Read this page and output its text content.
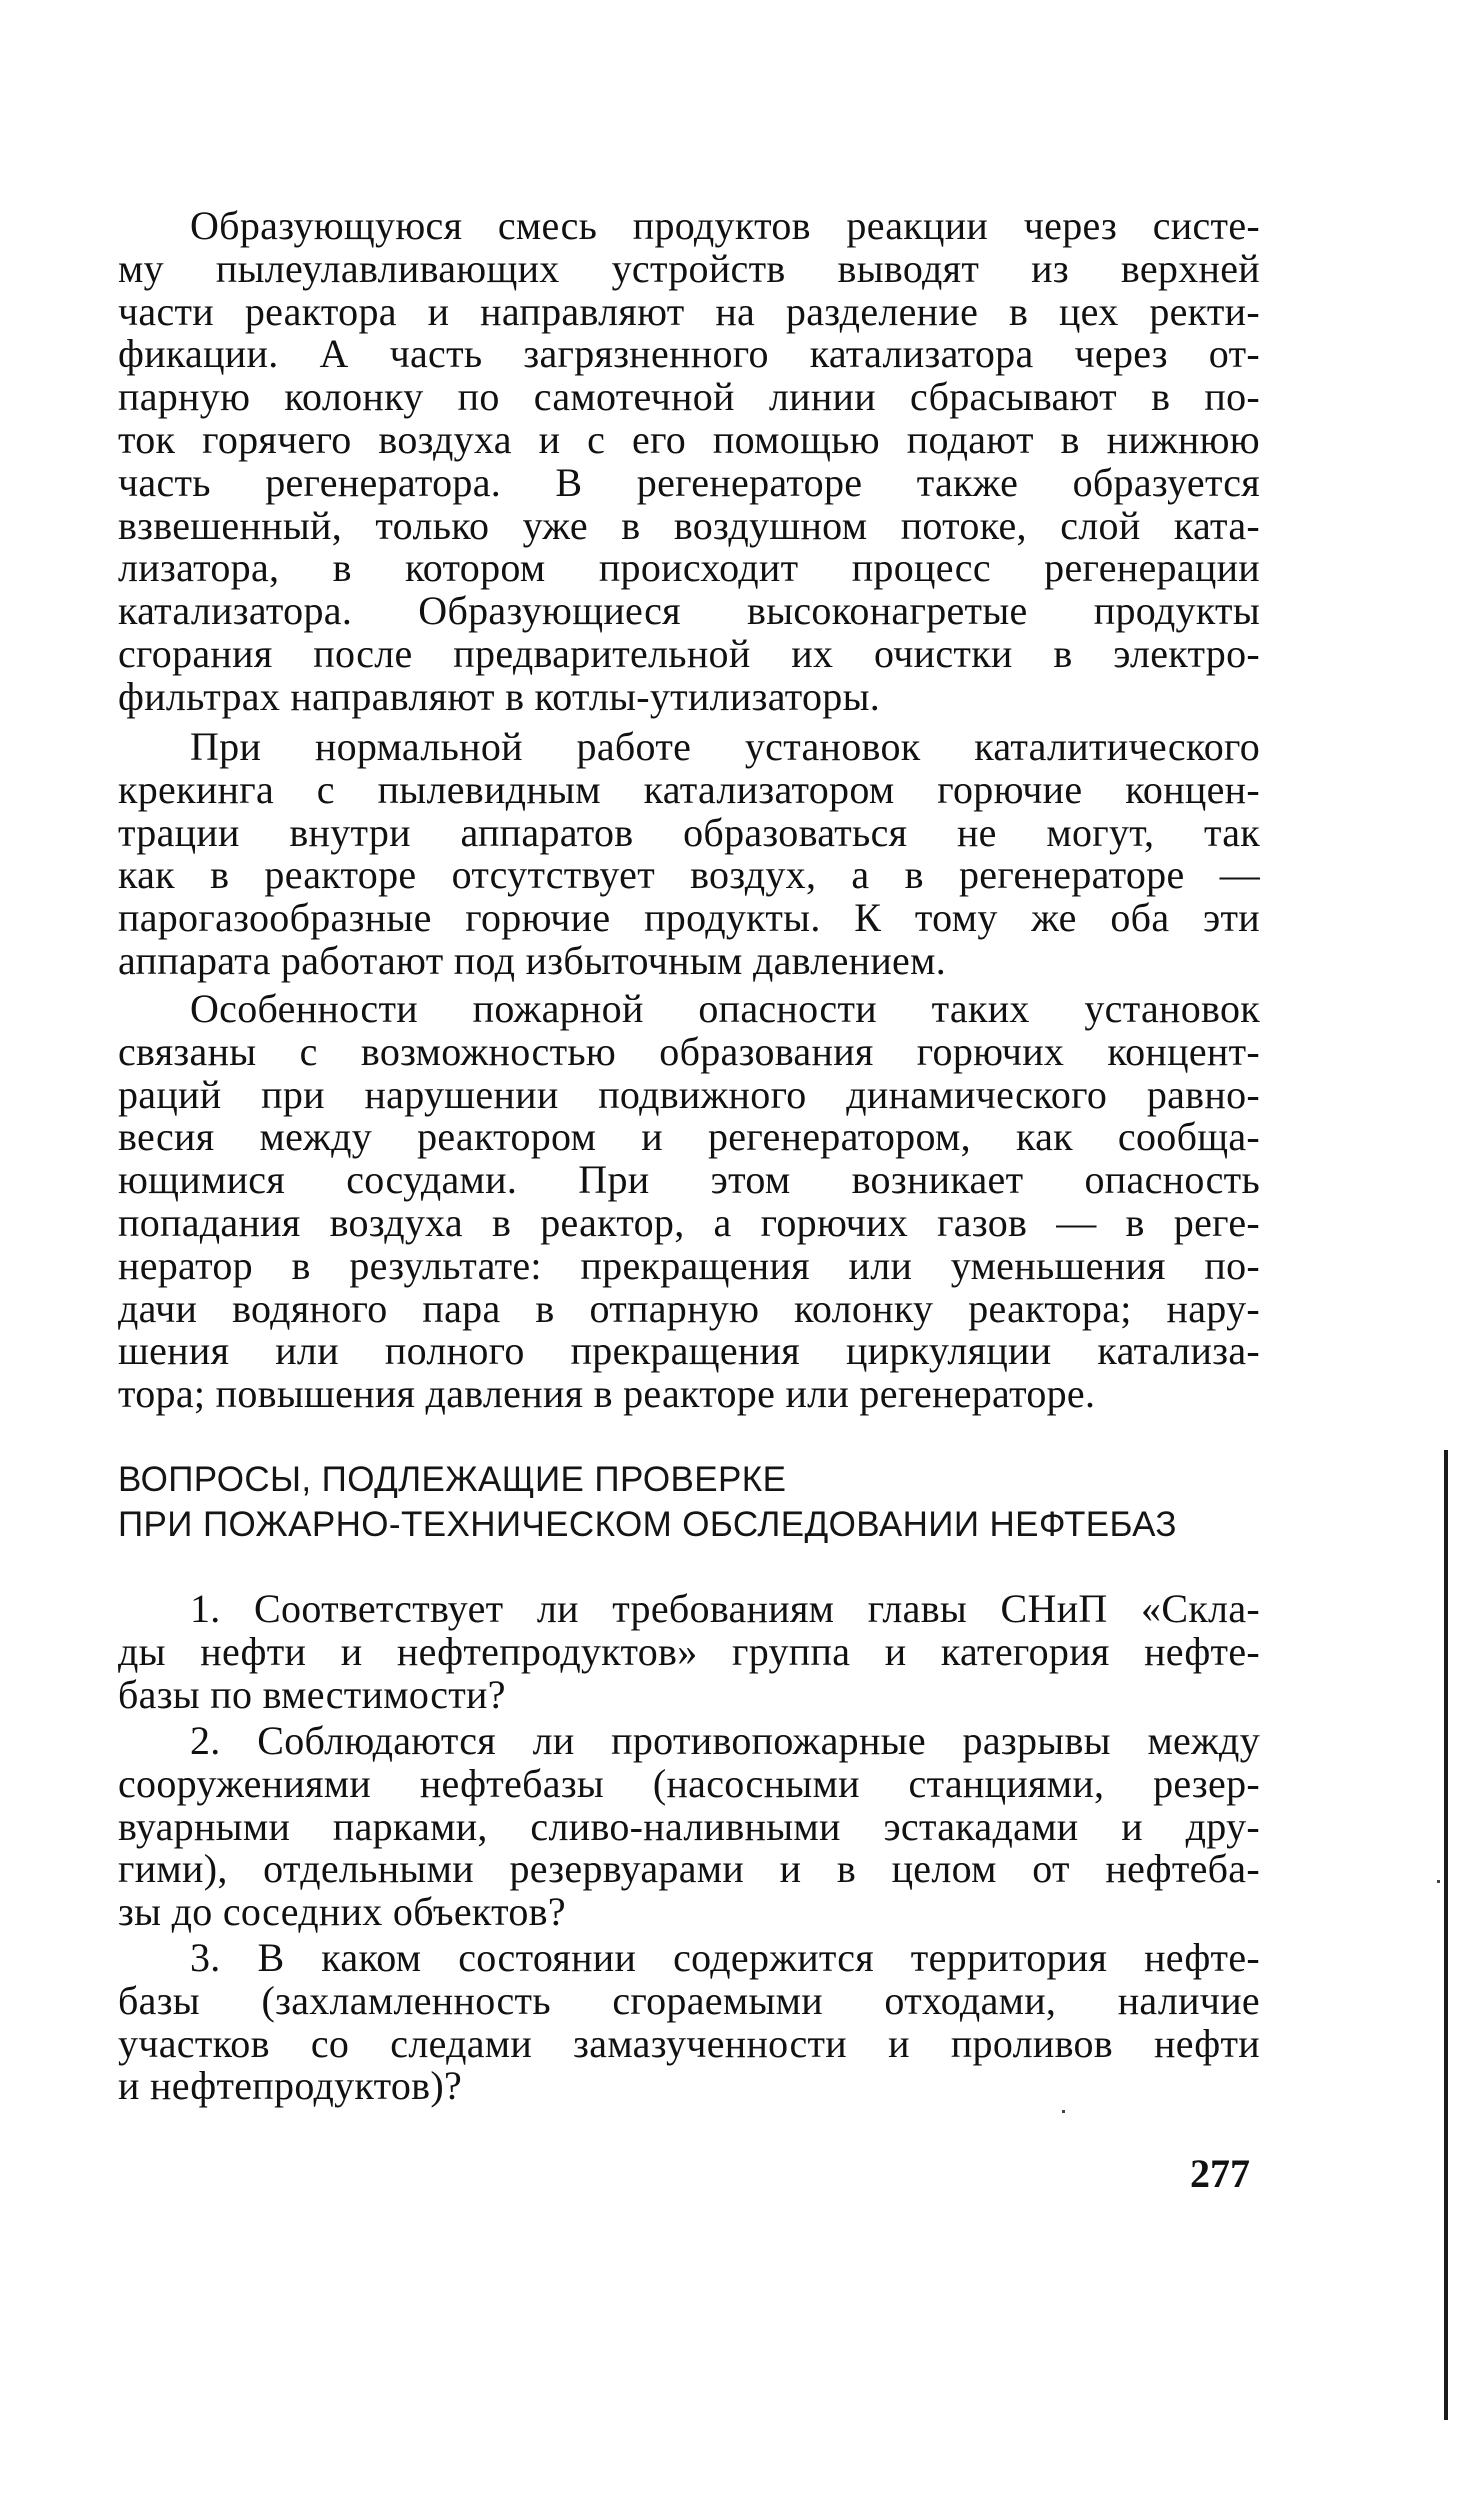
Образующуюся смесь продуктов реакции через систе-
му пылеулавливающих устройств выводят из верхней
части реактора и направляют на разделение в цех ректи-
фикации. А часть загрязненного катализатора через от-
парную колонку по самотечной линии сбрасывают в по-
ток горячего воздуха и с его помощью подают в нижнюю
часть регенератора. В регенераторе также образуется
взвешенный, только уже в воздушном потоке, слой ката-
лизатора, в котором происходит процесс регенерации
катализатора. Образующиеся высоконагретые продукты
сгорания после предварительной их очистки в электро-
фильтрах направляют в котлы-утилизаторы.
При нормальной работе установок каталитического
крекинга с пылевидным катализатором горючие концен-
трации внутри аппаратов образоваться не могут, так
как в реакторе отсутствует воздух, а в регенераторе —
парогазообразные горючие продукты. К тому же оба эти
аппарата работают под избыточным давлением.
Особенности пожарной опасности таких установок
связаны с возможностью образования горючих концент-
раций при нарушении подвижного динамического равно-
весия между реактором и регенератором, как сообща-
ющимися сосудами. При этом возникает опасность
попадания воздуха в реактор, а горючих газов — в реге-
нератор в результате: прекращения или уменьшения по-
дачи водяного пара в отпарную колонку реактора; нару-
шения или полного прекращения циркуляции катализа-
тора; повышения давления в реакторе или регенераторе.
ВОПРОСЫ, ПОДЛЕЖАЩИЕ ПРОВЕРКЕ
ПРИ ПОЖАРНО-ТЕХНИЧЕСКОМ ОБСЛЕДОВАНИИ НЕФТЕБАЗ
1. Соответствует ли требованиям главы СНиП «Скла-
ды нефти и нефтепродуктов» группа и категория нефте-
базы по вместимости?
2. Соблюдаются ли противопожарные разрывы между
сооружениями нефтебазы (насосными станциями, резер-
вуарными парками, сливо-наливными эстакадами и дру-
гими), отдельными резервуарами и в целом от нефтеба-
зы до соседних объектов?
3. В каком состоянии содержится территория нефте-
базы (захламленность сгораемыми отходами, наличие
участков со следами замазученности и проливов нефти
и нефтепродуктов)?
277
